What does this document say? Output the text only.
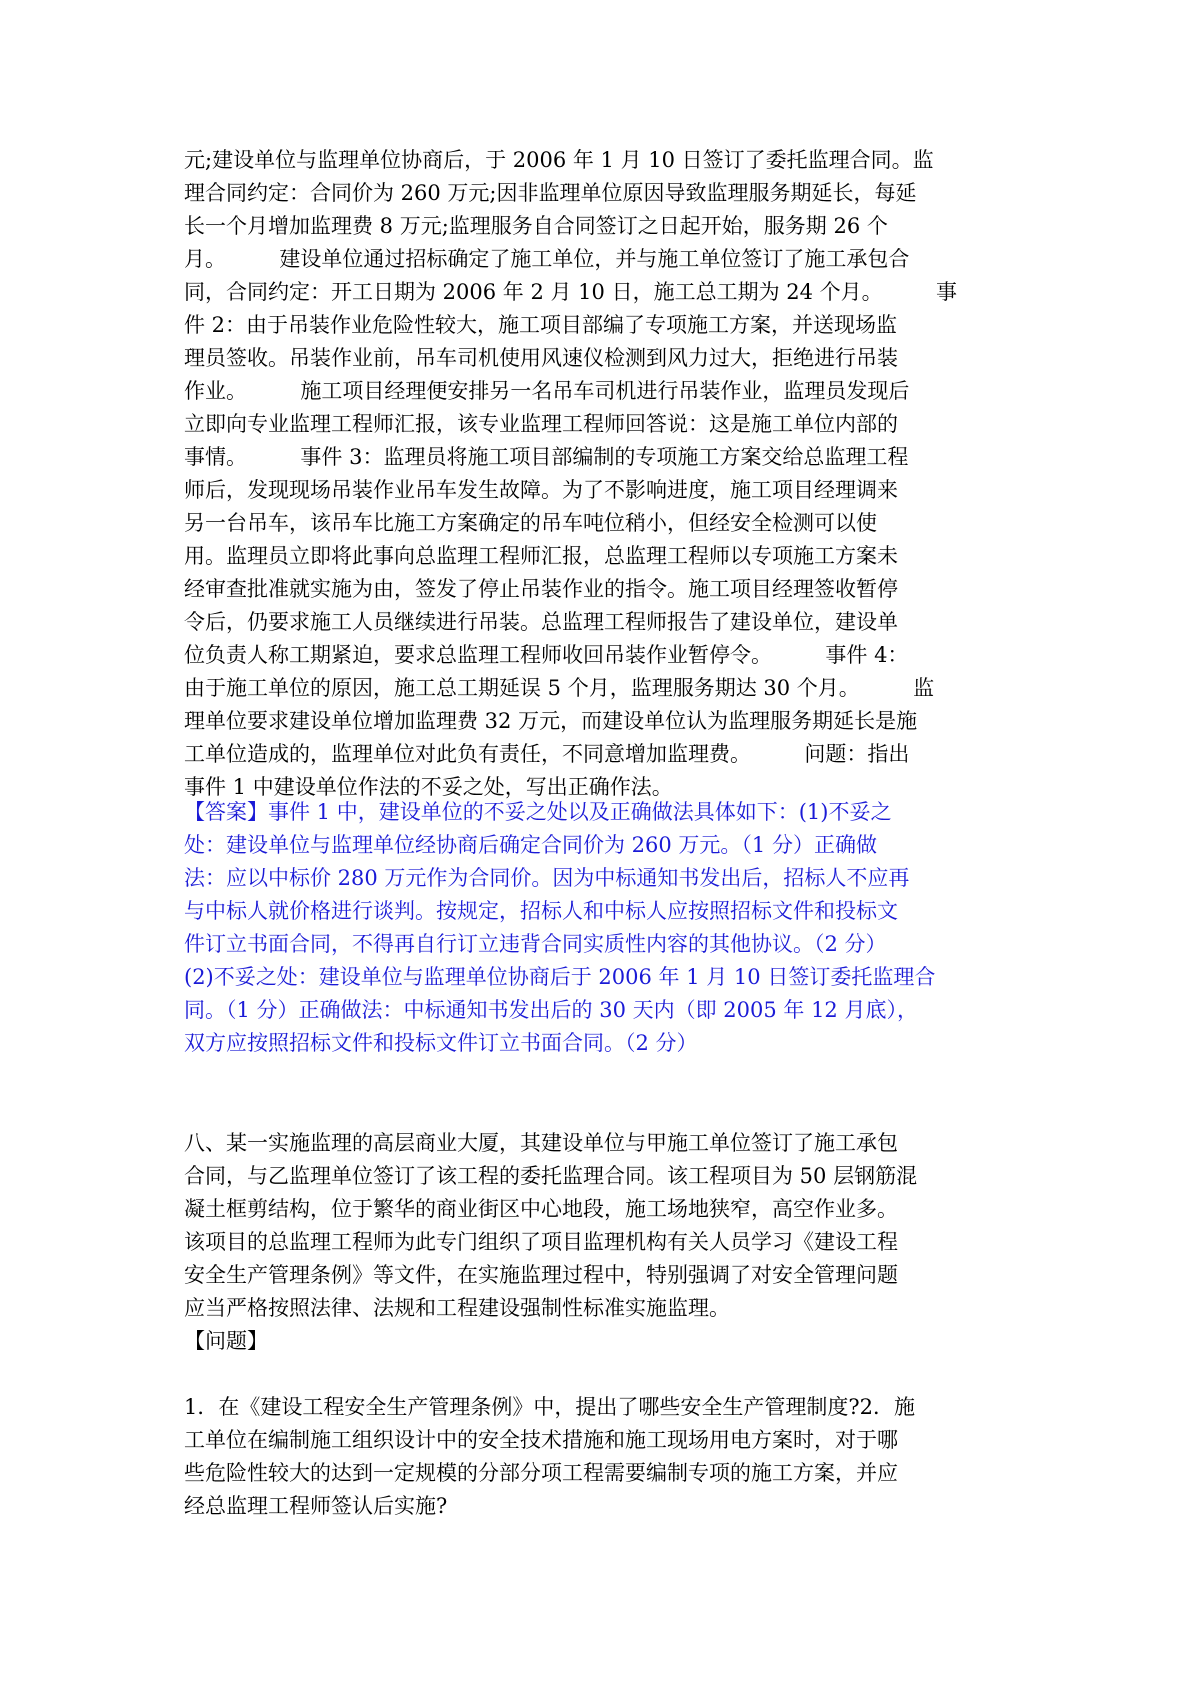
元;建设单位与监理单位协商后，于 2006 年 1 月 10 日签订了委托监理合同。监
理合同约定：合同价为 260 万元;因非监理单位原因导致监理服务期延长，每延
长一个月增加监理费 8 万元;监理服务自合同签订之日起开始，服务期 26 个
月。        建设单位通过招标确定了施工单位，并与施工单位签订了施工承包合
同，合同约定：开工日期为 2006 年 2 月 10 日，施工总工期为 24 个月。        事
件 2：由于吊装作业危险性较大，施工项目部编了专项施工方案，并送现场监
理员签收。吊装作业前，吊车司机使用风速仪检测到风力过大，拒绝进行吊装
作业。        施工项目经理便安排另一名吊车司机进行吊装作业，监理员发现后
立即向专业监理工程师汇报，该专业监理工程师回答说：这是施工单位内部的
事情。        事件 3：监理员将施工项目部编制的专项施工方案交给总监理工程
师后，发现现场吊装作业吊车发生故障。为了不影响进度，施工项目经理调来
另一台吊车，该吊车比施工方案确定的吊车吨位稍小，但经安全检测可以使
用。监理员立即将此事向总监理工程师汇报，总监理工程师以专项施工方案未
经审查批准就实施为由，签发了停止吊装作业的指令。施工项目经理签收暂停
令后，仍要求施工人员继续进行吊装。总监理工程师报告了建设单位，建设单
位负责人称工期紧迫，要求总监理工程师收回吊装作业暂停令。        事件 4：
由于施工单位的原因，施工总工期延误 5 个月，监理服务期达 30 个月。        监
理单位要求建设单位增加监理费 32 万元，而建设单位认为监理服务期延长是施
工单位造成的，监理单位对此负有责任，不同意增加监理费。        问题：指出
事件 1 中建设单位作法的不妥之处，写出正确作法。
【答案】事件 1 中，建设单位的不妥之处以及正确做法具体如下：(1)不妥之
处：建设单位与监理单位经协商后确定合同价为 260 万元。（1 分）正确做
法：应以中标价 280 万元作为合同价。因为中标通知书发出后，招标人不应再
与中标人就价格进行谈判。按规定，招标人和中标人应按照招标文件和投标文
件订立书面合同，不得再自行订立违背合同实质性内容的其他协议。（2 分）
(2)不妥之处：建设单位与监理单位协商后于 2006 年 1 月 10 日签订委托监理合
同。（1 分）正确做法：中标通知书发出后的 30 天内（即 2005 年 12 月底），
双方应按照招标文件和投标文件订立书面合同。（2 分）
八、某一实施监理的高层商业大厦，其建设单位与甲施工单位签订了施工承包
合同，与乙监理单位签订了该工程的委托监理合同。该工程项目为 50 层钢筋混
凝土框剪结构，位于繁华的商业街区中心地段，施工场地狭窄，高空作业多。
该项目的总监理工程师为此专门组织了项目监理机构有关人员学习《建设工程
安全生产管理条例》等文件，在实施监理过程中，特别强调了对安全管理问题
应当严格按照法律、法规和工程建设强制性标准实施监理。
【问题】
1．在《建设工程安全生产管理条例》中，提出了哪些安全生产管理制度?2．施
工单位在编制施工组织设计中的安全技术措施和施工现场用电方案时，对于哪
些危险性较大的达到一定规模的分部分项工程需要编制专项的施工方案，并应
经总监理工程师签认后实施?
